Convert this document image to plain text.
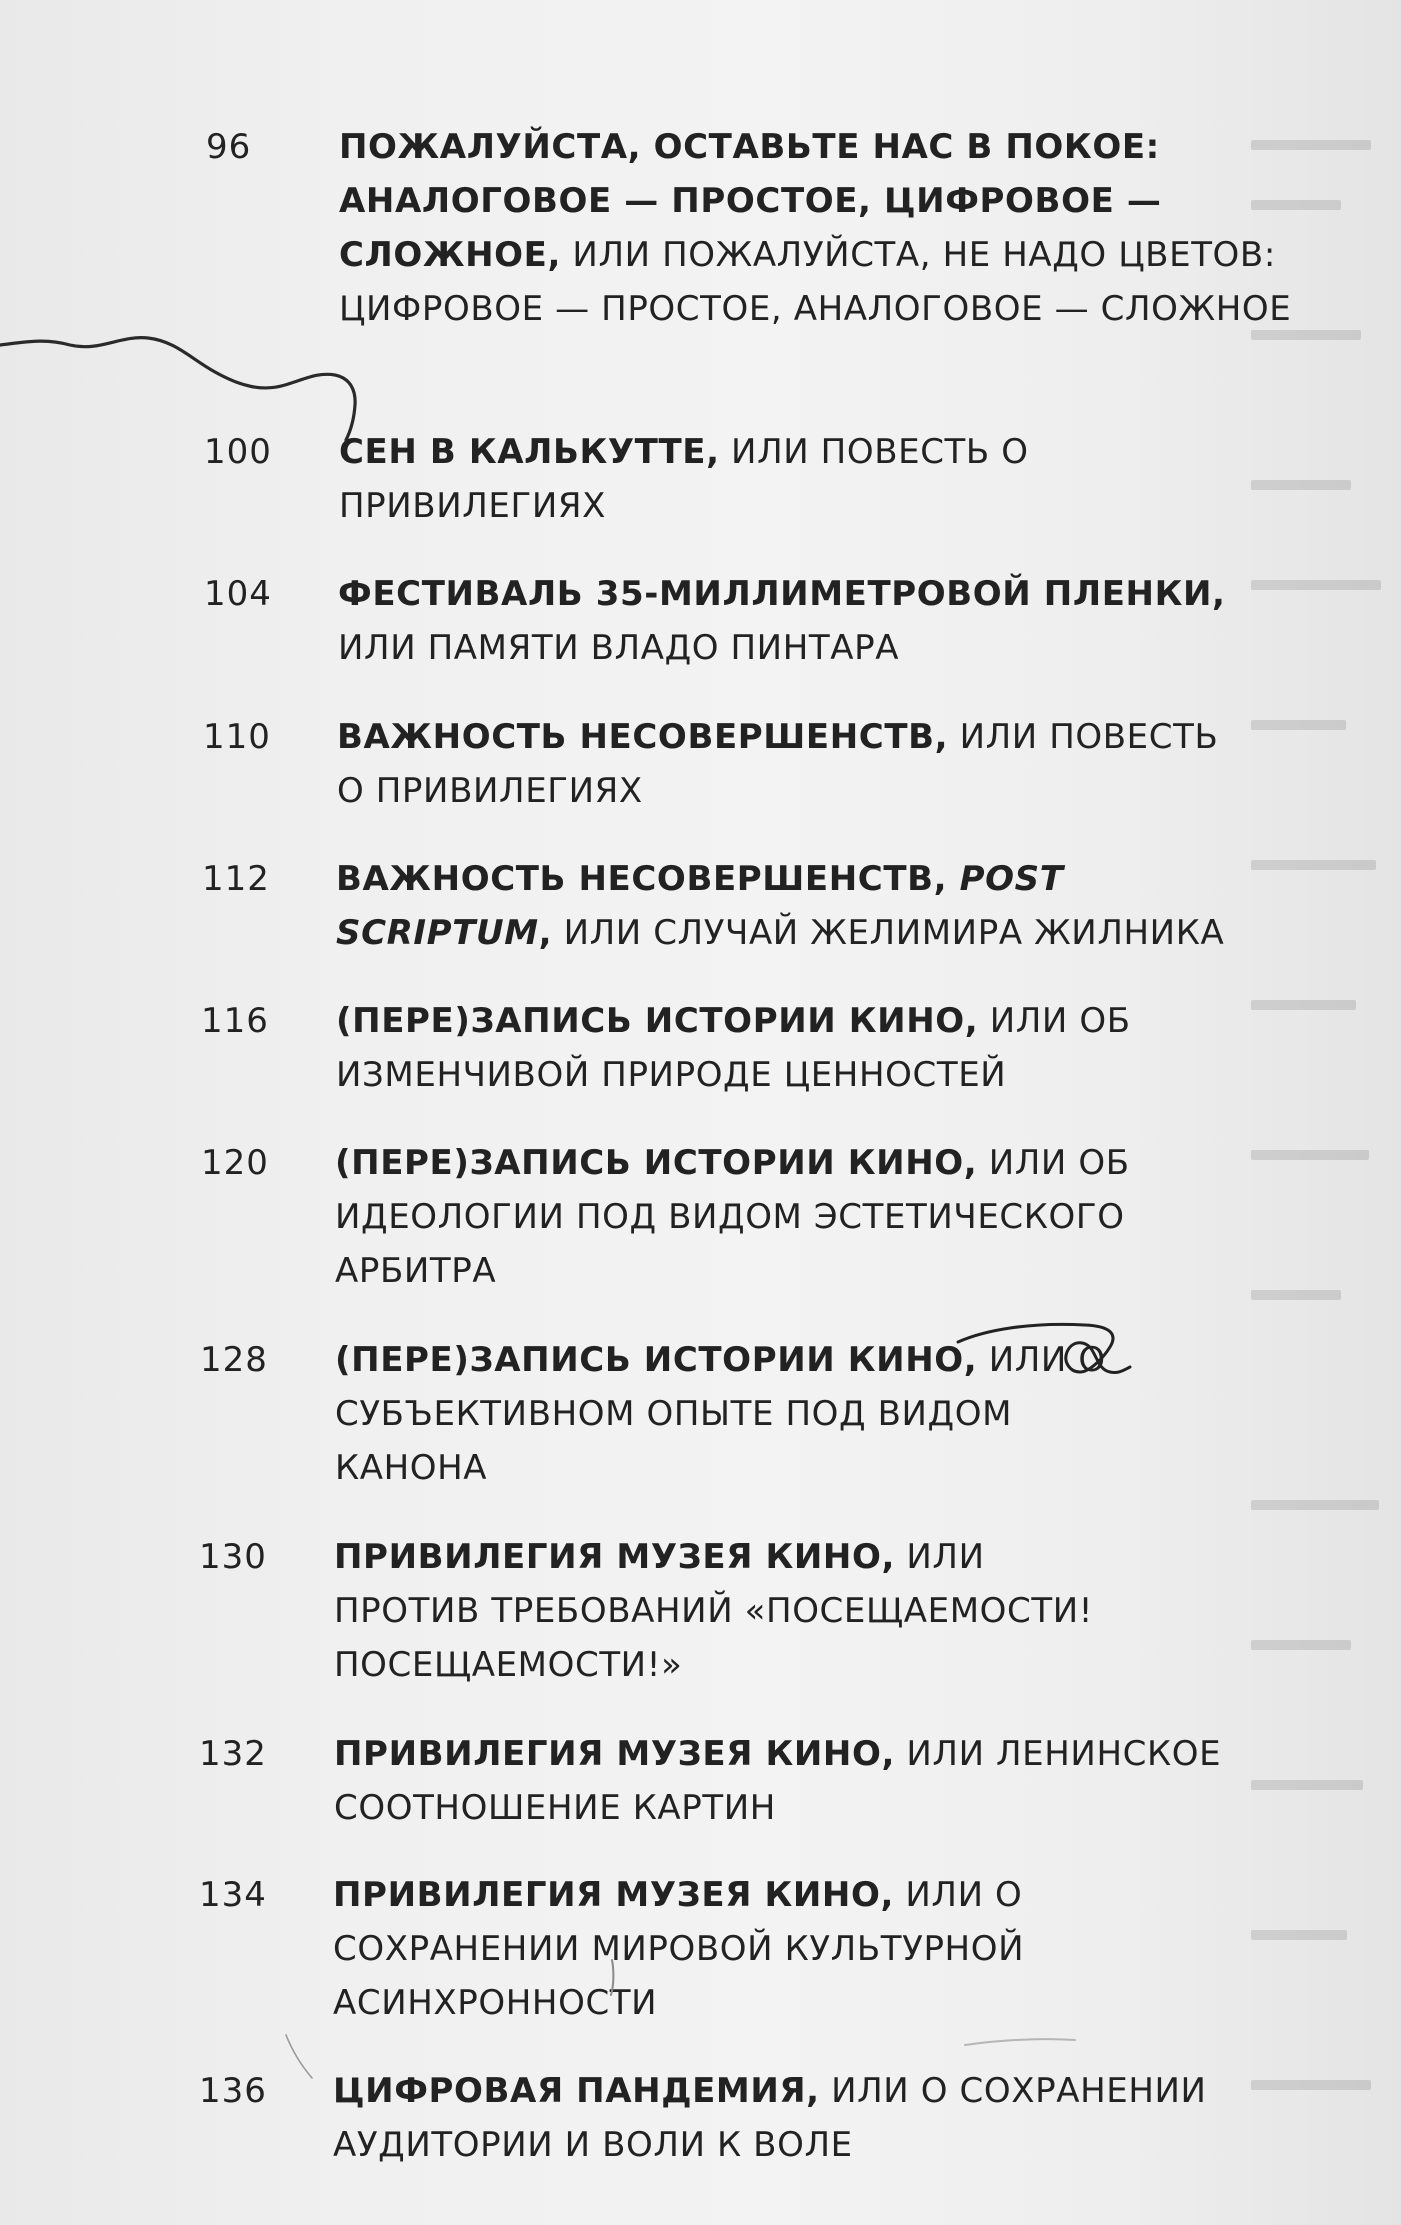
96	ПОЖАЛУЙСТА, ОСТАВЬТЕ НАС В ПОКОЕ: АНАЛОГОВОЕ — ПРОСТОЕ, ЦИФРОВОЕ — СЛОЖНОЕ, ИЛИ ПОЖАЛУЙСТА, НЕ НАДО ЦВЕТОВ: ЦИФРОВОЕ — ПРОСТОЕ, АНАЛОГОВОЕ — СЛОЖНОЕ
100 СЕН В КАЛЬКУТТЕ, ИЛИ ПОВЕСТЬ О ПРИВИЛЕГИЯХ
104 ФЕСТИВАЛЬ 35-МИЛЛИМЕТРОВОЙ ПЛЕНКИ, ИЛИ ПАМЯТИ ВЛАДО ПИНТАРА
110 ВАЖНОСТЬ НЕСОВЕРШЕНСТВ, ИЛИ ПОВЕСТЬ О ПРИВИЛЕГИЯХ
112 ВАЖНОСТЬ НЕСОВЕРШЕНСТВ, POST SCRIPTUM, ИЛИ СЛУЧАЙ ЖЕЛИМИРА ЖИЛНИКА
116 (ПЕРЕ)ЗАПИСЬ ИСТОРИИ КИНО, ИЛИ ОБ ИЗМЕНЧИВОЙ ПРИРОДЕ ЦЕННОСТЕЙ
120 (ПЕРЕ)ЗАПИСЬ ИСТОРИИ КИНО, ИЛИ ОБ ИДЕОЛОГИИ ПОД ВИДОМ ЭСТЕТИЧЕСКОГО АРБИТРА
128 (ПЕРЕ)ЗАПИСЬ ИСТОРИИ КИНО, ИЛИ О СУБЪЕКТИВНОМ ОПЫТЕ ПОД ВИДОМ КАНОНА
130 ПРИВИЛЕГИЯ МУЗЕЯ КИНО, ИЛИ ПРОТИВ ТРЕБОВАНИЙ «ПОСЕЩАЕМОСТИ! ПОСЕЩАЕМОСТИ!»
132 ПРИВИЛЕГИЯ МУЗЕЯ КИНО, ИЛИ ЛЕНИНСКОЕ СООТНОШЕНИЕ КАРТИН
134 ПРИВИЛЕГИЯ МУЗЕЯ КИНО, ИЛИ О СОХРАНЕНИИ МИРОВОЙ КУЛЬТУРНОЙ АСИНХРОННОСТИ
136 ЦИФРОВАЯ ПАНДЕМИЯ, ИЛИ О СОХРАНЕНИИ АУДИТОРИИ И ВОЛИ К ВОЛЕ
